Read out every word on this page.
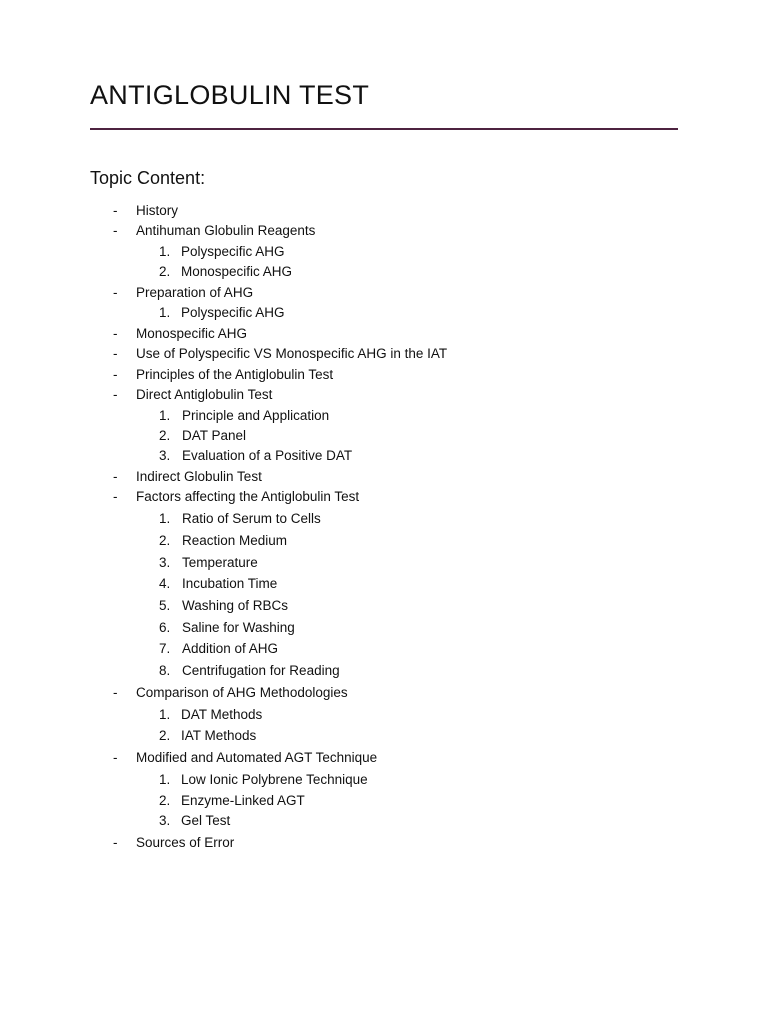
ANTIGLOBULIN TEST
Topic Content:
- History
- Antihuman Globulin Reagents
1. Polyspecific AHG
2. Monospecific AHG
- Preparation of AHG
1. Polyspecific AHG
- Monospecific AHG
- Use of Polyspecific VS Monospecific AHG in the IAT
- Principles of the Antiglobulin Test
- Direct Antiglobulin Test
1. Principle and Application
2. DAT Panel
3. Evaluation of a Positive DAT
- Indirect Globulin Test
- Factors affecting the Antiglobulin Test
1. Ratio of Serum to Cells
2. Reaction Medium
3. Temperature
4. Incubation Time
5. Washing of RBCs
6. Saline for Washing
7. Addition of AHG
8. Centrifugation for Reading
- Comparison of AHG Methodologies
1. DAT Methods
2. IAT Methods
- Modified and Automated AGT Technique
1. Low Ionic Polybrene Technique
2. Enzyme-Linked AGT
3. Gel Test
- Sources of Error
